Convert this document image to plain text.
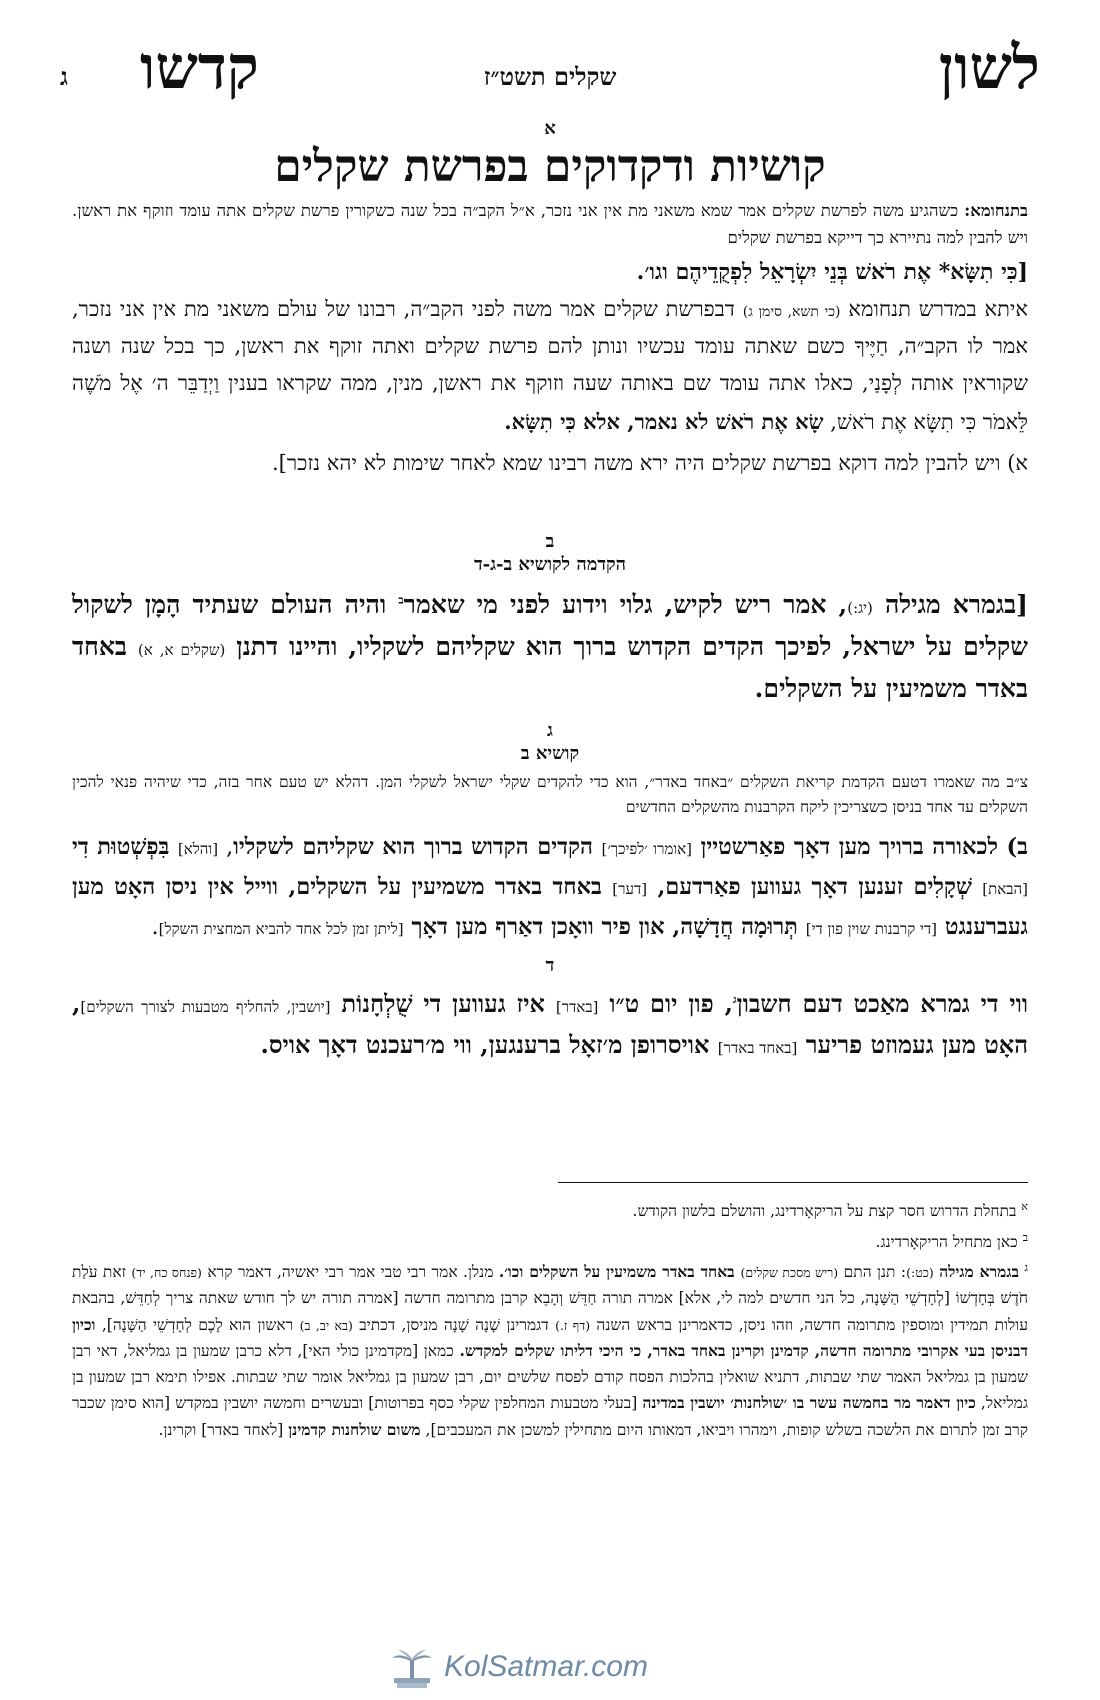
לשון
שקלים תשט״ז
קדשו
ג
א
קושיות ודקדוקים בפרשת שקלים
בתנחומא: כשהגיע משה לפרשת שקלים אמר שמא משאני מת אין אני נזכר, א״ל הקב״ה בכל שנה כשקורין פרשת שקלים אתה עומד וזוקף את ראשן. ויש להבין למה נתיירא כך דייקא בפרשת שקלים
[כִּי תִשָּׂא* אֶת רֹאשׁ בְּנֵי יִשְׂרָאֵל לִפְקֻדֵיהֶם וגו׳.
איתא במדרש תנחומא (כי תשא, סימן ג) דבפרשת שקלים אמר משה לפני הקב״ה, רבונו של עולם משאני מת אין אני נזכר, אמר לו הקב״ה, חַיֶּיךָ כשם שאתה עומד עכשיו ונותן להם פרשת שקלים ואתה זוקף את ראשן, כך בכל שנה ושנה שקוראין אותה לְפָנַי, כאלו אתה עומד שם באותה שעה וזוקף את ראשן, מנין, ממה שקראו בענין וַיְדַבֵּר ה׳ אֶל מֹשֶׁה לֵּאמֹר כִּי תִשָּׂא אֶת רֹאשׁ, שָׂא אֶת רֹאשׁ לא נאמר, אלא כִּי תִשָּׂא.
א) ויש להבין למה דוקא בפרשת שקלים היה ירא משה רבינו שמא לאחר שימות לא יהא נזכר].
ב
הקדמה לקושיא ב-ג-ד
[בגמרא מגילה (יג:), אמר ריש לקיש, גלוי וידוע לפני מי שאמר$^ב$ והיה העולם שעתיד הָמָן לשקול שקלים על ישראל, לפיכך הקדים הקדוש ברוך הוא שקליהם לשקליו, והיינו דתנן (שקלים א, א) באחד באדר משמיעין על השקלים.
ג
קושיא ב
צ״ב מה שאמרו דטעם הקדמת קריאת השקלים ״באחד באדר״, הוא כדי להקדים שקלי ישראל לשקלי המן. דהלא יש טעם אחר בזה, כדי שיהיה פנאי להכין השקלים עד אחד בניסן כשצריכין ליקח הקרבנות מהשקלים החדשים
ב) לכאורה ברויך מען דאָך פאַרשטיין [אומרו ׳לפיכך׳] הקדים הקדוש ברוך הוא שקליהם לשקליו, [והלא] בִּפְשְׁטוּת דִי [הבאת] שְׁקָלִים זענען דאָך געווען פאַרדעם, [דער] באחד באדר משמיעין על השקלים, ווייל אין ניסן האָט מען געברענגט [די קרבנות שוין פון די] תְּרוּמָה חֲדָשָׁה, און פיר וואָכן דאַרף מען דאָך [ליתן זמן לכל אחד להביא המחצית השקל].
ד
ווי די גמרא מאַכט דעם חשבון$^ג$, פון יום ט״ו [באדר] איז געווען די שֻׁלְחָנוֹת [יושבין, להחליף מטבעות לצורך השקלים], האָט מען געמוזט פריער [באחד באדר] אויסרופן מ׳זאָל ברענגען, ווי מ׳רעכנט דאָך אויס.
$^א$ בתחלת הדרוש חסר קצת על הריקאָרדינג, והושלם בלשון הקודש.
$^ב$ כאן מתחיל הריקאָרדינג.
$^ג$ בגמרא מגילה (כט:): תנן התם (ריש מסכת שקלים) באחד באדר משמיעין על השקלים וכו׳. מנלן. אמר רבי טבי אמר רבי יאשיה, דאמר קרא (פנחס כח, יד) זאת עֹלַת חֹדֶשׁ בְּחָדְשׁוֹ [לְחָדְשֵׁי הַשָּׁנָה, כל הני חדשים למה לי, אלא] אמרה תורה חַדֵּשׁ וְהָבֵא קרבן מתרומה חדשה [אמרה תורה יש לך חודש שאתה צריך לְחַדֵּשׁ, בהבאת עולות תמידין ומוספין מתרומה חדשה, וזהו ניסן, כדאמרינן בראש השנה (דף ז.) דגמרינן שָׁנָה שָׁנָה מניסן, דכתיב (בא יב, ב) ראשון הוא לָכֶם לְחָדְשֵׁי הַשָּׁנָה], וכיון דבניסן בעי אקרובי מתרומה חדשה, קדמינן וקרינן באחד באדר, כי היכי דליתו שקלים למקדש. כמאן [מקדמינן כולי האי], דלא כרבן שמעון בן גמליאל, דאי רבן שמעון בן גמליאל האמר שתי שבתות, דתניא שואלין בהלכות הפסח קודם לפסח שלשים יום, רבן שמעון בן גמליאל אומר שתי שבתות. אפילו תימא רבן שמעון בן גמליאל, כיון דאמר מר בחמשה עשר בו ׳שולחנות׳ יושבין במדינה [בעלי מטבעות המחלפין שקלי כסף בפרוטות] ובעשרים וחמשה יושבין במקדש [הוא סימן שכבר קרב זמן לתרום את הלשכה בשלש קופות, וימהרו ויביאו, דמאותו היום מתחילין למשכן את המעכבים], משום שולחנות קדמינן [לאחד באדר] וקרינן.
KolSatmar.com
